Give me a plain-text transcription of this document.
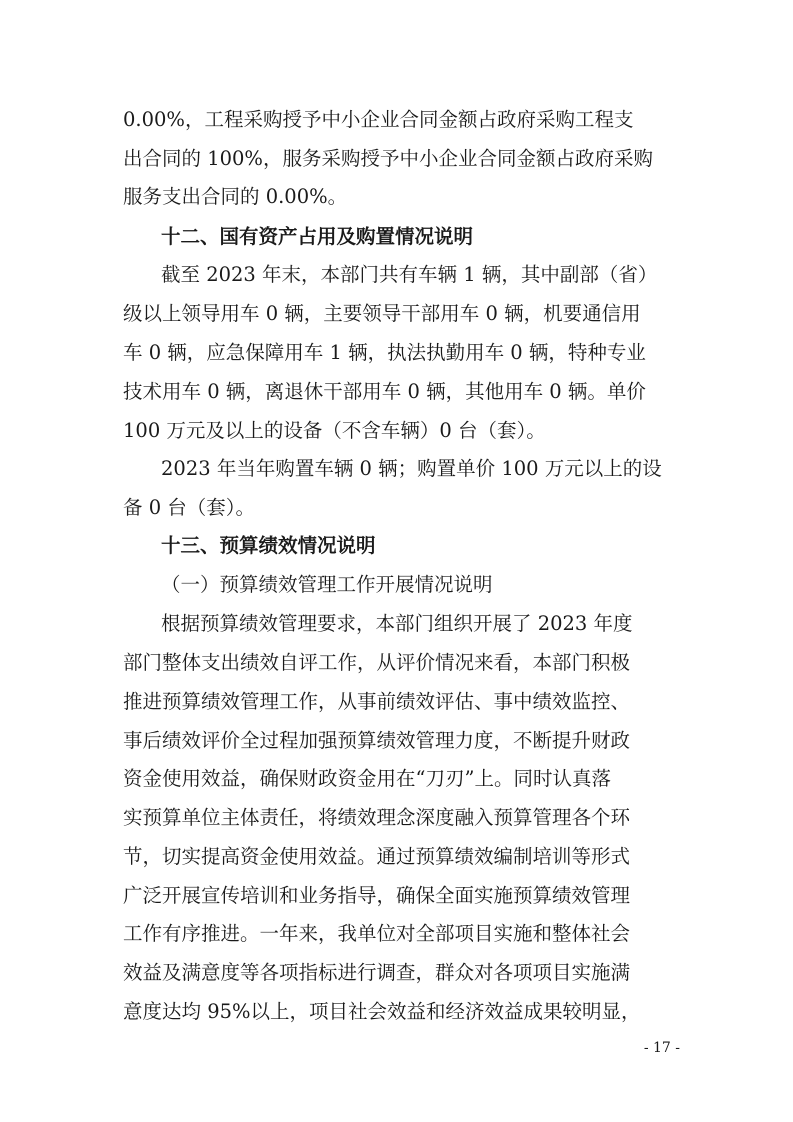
0.00%，工程采购授予中小企业合同金额占政府采购工程支
出合同的 100%，服务采购授予中小企业合同金额占政府采购
服务支出合同的 0.00%。
十二、国有资产占用及购置情况说明
截至 2023 年末，本部门共有车辆 1 辆，其中副部（省）
级以上领导用车 0 辆，主要领导干部用车 0 辆，机要通信用
车 0 辆，应急保障用车 1 辆，执法执勤用车 0 辆，特种专业
技术用车 0 辆，离退休干部用车 0 辆，其他用车 0 辆。单价
100 万元及以上的设备（不含车辆）0 台（套）。
2023 年当年购置车辆 0 辆；购置单价 100 万元以上的设
备 0 台（套）。
十三、预算绩效情况说明
（一）预算绩效管理工作开展情况说明
根据预算绩效管理要求，本部门组织开展了 2023 年度
部门整体支出绩效自评工作，从评价情况来看，本部门积极
推进预算绩效管理工作，从事前绩效评估、事中绩效监控、
事后绩效评价全过程加强预算绩效管理力度，不断提升财政
资金使用效益，确保财政资金用在“刀刃”上。同时认真落
实预算单位主体责任，将绩效理念深度融入预算管理各个环
节，切实提高资金使用效益。通过预算绩效编制培训等形式
广泛开展宣传培训和业务指导，确保全面实施预算绩效管理
工作有序推进。一年来，我单位对全部项目实施和整体社会
效益及满意度等各项指标进行调查，群众对各项项目实施满
意度达均 95%以上，项目社会效益和经济效益成果较明显，
- 17 -
